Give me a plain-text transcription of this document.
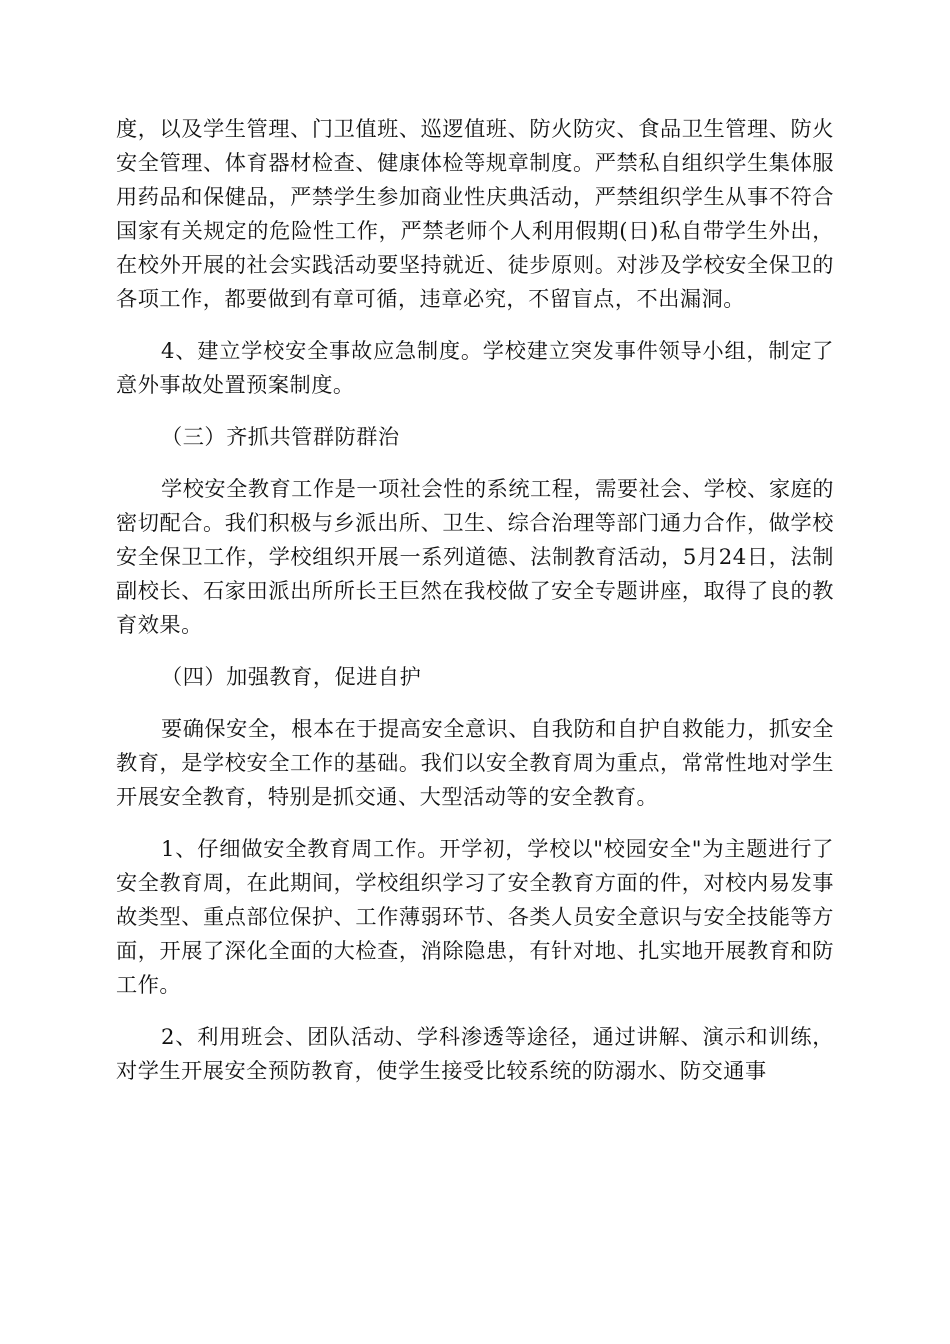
度，以及学生管理、门卫值班、巡逻值班、防火防灾、食品卫生管理、防火安全管理、体育器材检查、健康体检等规章制度。严禁私自组织学生集体服用药品和保健品，严禁学生参加商业性庆典活动，严禁组织学生从事不符合国家有关规定的危险性工作，严禁老师个人利用假期(日)私自带学生外出，在校外开展的社会实践活动要坚持就近、徒步原则。对涉及学校安全保卫的各项工作，都要做到有章可循，违章必究，不留盲点，不出漏洞。

4、建立学校安全事故应急制度。学校建立突发事件领导小组，制定了意外事故处置预案制度。

（三）齐抓共管群防群治

学校安全教育工作是一项社会性的系统工程，需要社会、学校、家庭的密切配合。我们积极与乡派出所、卫生、综合治理等部门通力合作，做学校安全保卫工作，学校组织开展一系列道德、法制教育活动，5月24日，法制副校长、石家田派出所所长王巨然在我校做了安全专题讲座，取得了良的教育效果。

（四）加强教育，促进自护

要确保安全，根本在于提高安全意识、自我防和自护自救能力，抓安全教育，是学校安全工作的基础。我们以安全教育周为重点，常常性地对学生开展安全教育，特别是抓交通、大型活动等的安全教育。

1、仔细做安全教育周工作。开学初，学校以"校园安全"为主题进行了安全教育周，在此期间，学校组织学习了安全教育方面的件，对校内易发事故类型、重点部位保护、工作薄弱环节、各类人员安全意识与安全技能等方面，开展了深化全面的大检查，消除隐患，有针对地、扎实地开展教育和防工作。

2、利用班会、团队活动、学科渗透等途径，通过讲解、演示和训练，对学生开展安全预防教育，使学生接受比较系统的防溺水、防交通事
